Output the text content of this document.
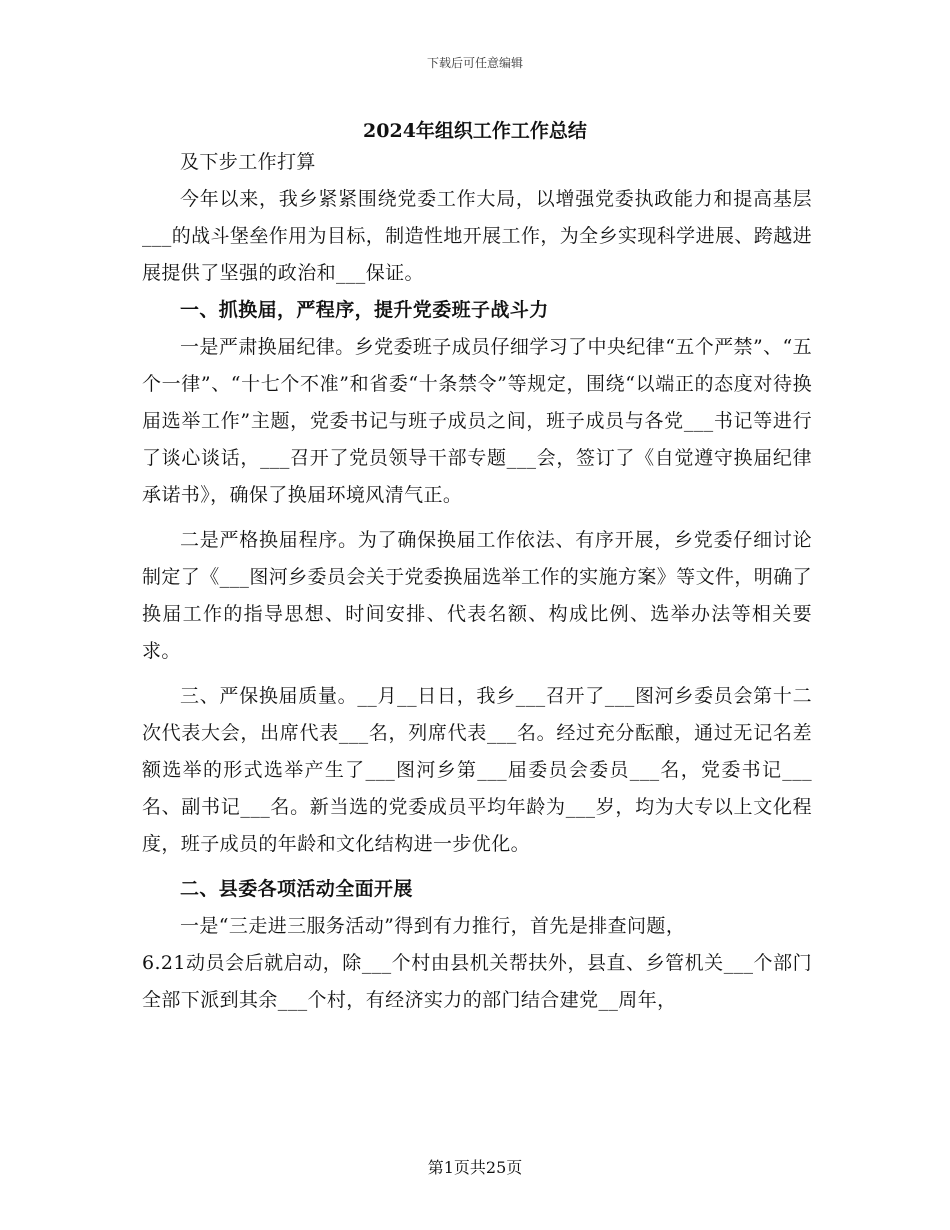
下载后可任意编辑
2024年组织工作工作总结

及下步工作打算

今年以来，我乡紧紧围绕党委工作大局，以增强党委执政能力和提高基层___的战斗堡垒作用为目标，制造性地开展工作，为全乡实现科学进展、跨越进展提供了坚强的政治和___保证。

一、抓换届，严程序，提升党委班子战斗力

一是严肃换届纪律。乡党委班子成员仔细学习了中央纪律“五个严禁”、“五个一律”、“十七个不准”和省委“十条禁令”等规定，围绕“以端正的态度对待换届选举工作”主题，党委书记与班子成员之间，班子成员与各党___书记等进行了谈心谈话，___召开了党员领导干部专题___会，签订了《自觉遵守换届纪律承诺书》，确保了换届环境风清气正。

二是严格换届程序。为了确保换届工作依法、有序开展，乡党委仔细讨论制定了《___图河乡委员会关于党委换届选举工作的实施方案》等文件，明确了换届工作的指导思想、时间安排、代表名额、构成比例、选举办法等相关要求。

三、严保换届质量。__月__日日，我乡___召开了___图河乡委员会第十二次代表大会，出席代表___名，列席代表___名。经过充分酝酿，通过无记名差额选举的形式选举产生了___图河乡第___届委员会委员___名，党委书记___名、副书记___名。新当选的党委成员平均年龄为___岁，均为大专以上文化程度，班子成员的年龄和文化结构进一步优化。

二、县委各项活动全面开展

一是“三走进三服务活动”得到有力推行，首先是排查问题，

6.21动员会后就启动，除___个村由县机关帮扶外，县直、乡管机关___个部门全部下派到其余___个村，有经济实力的部门结合建党__周年，

第1页共25页
